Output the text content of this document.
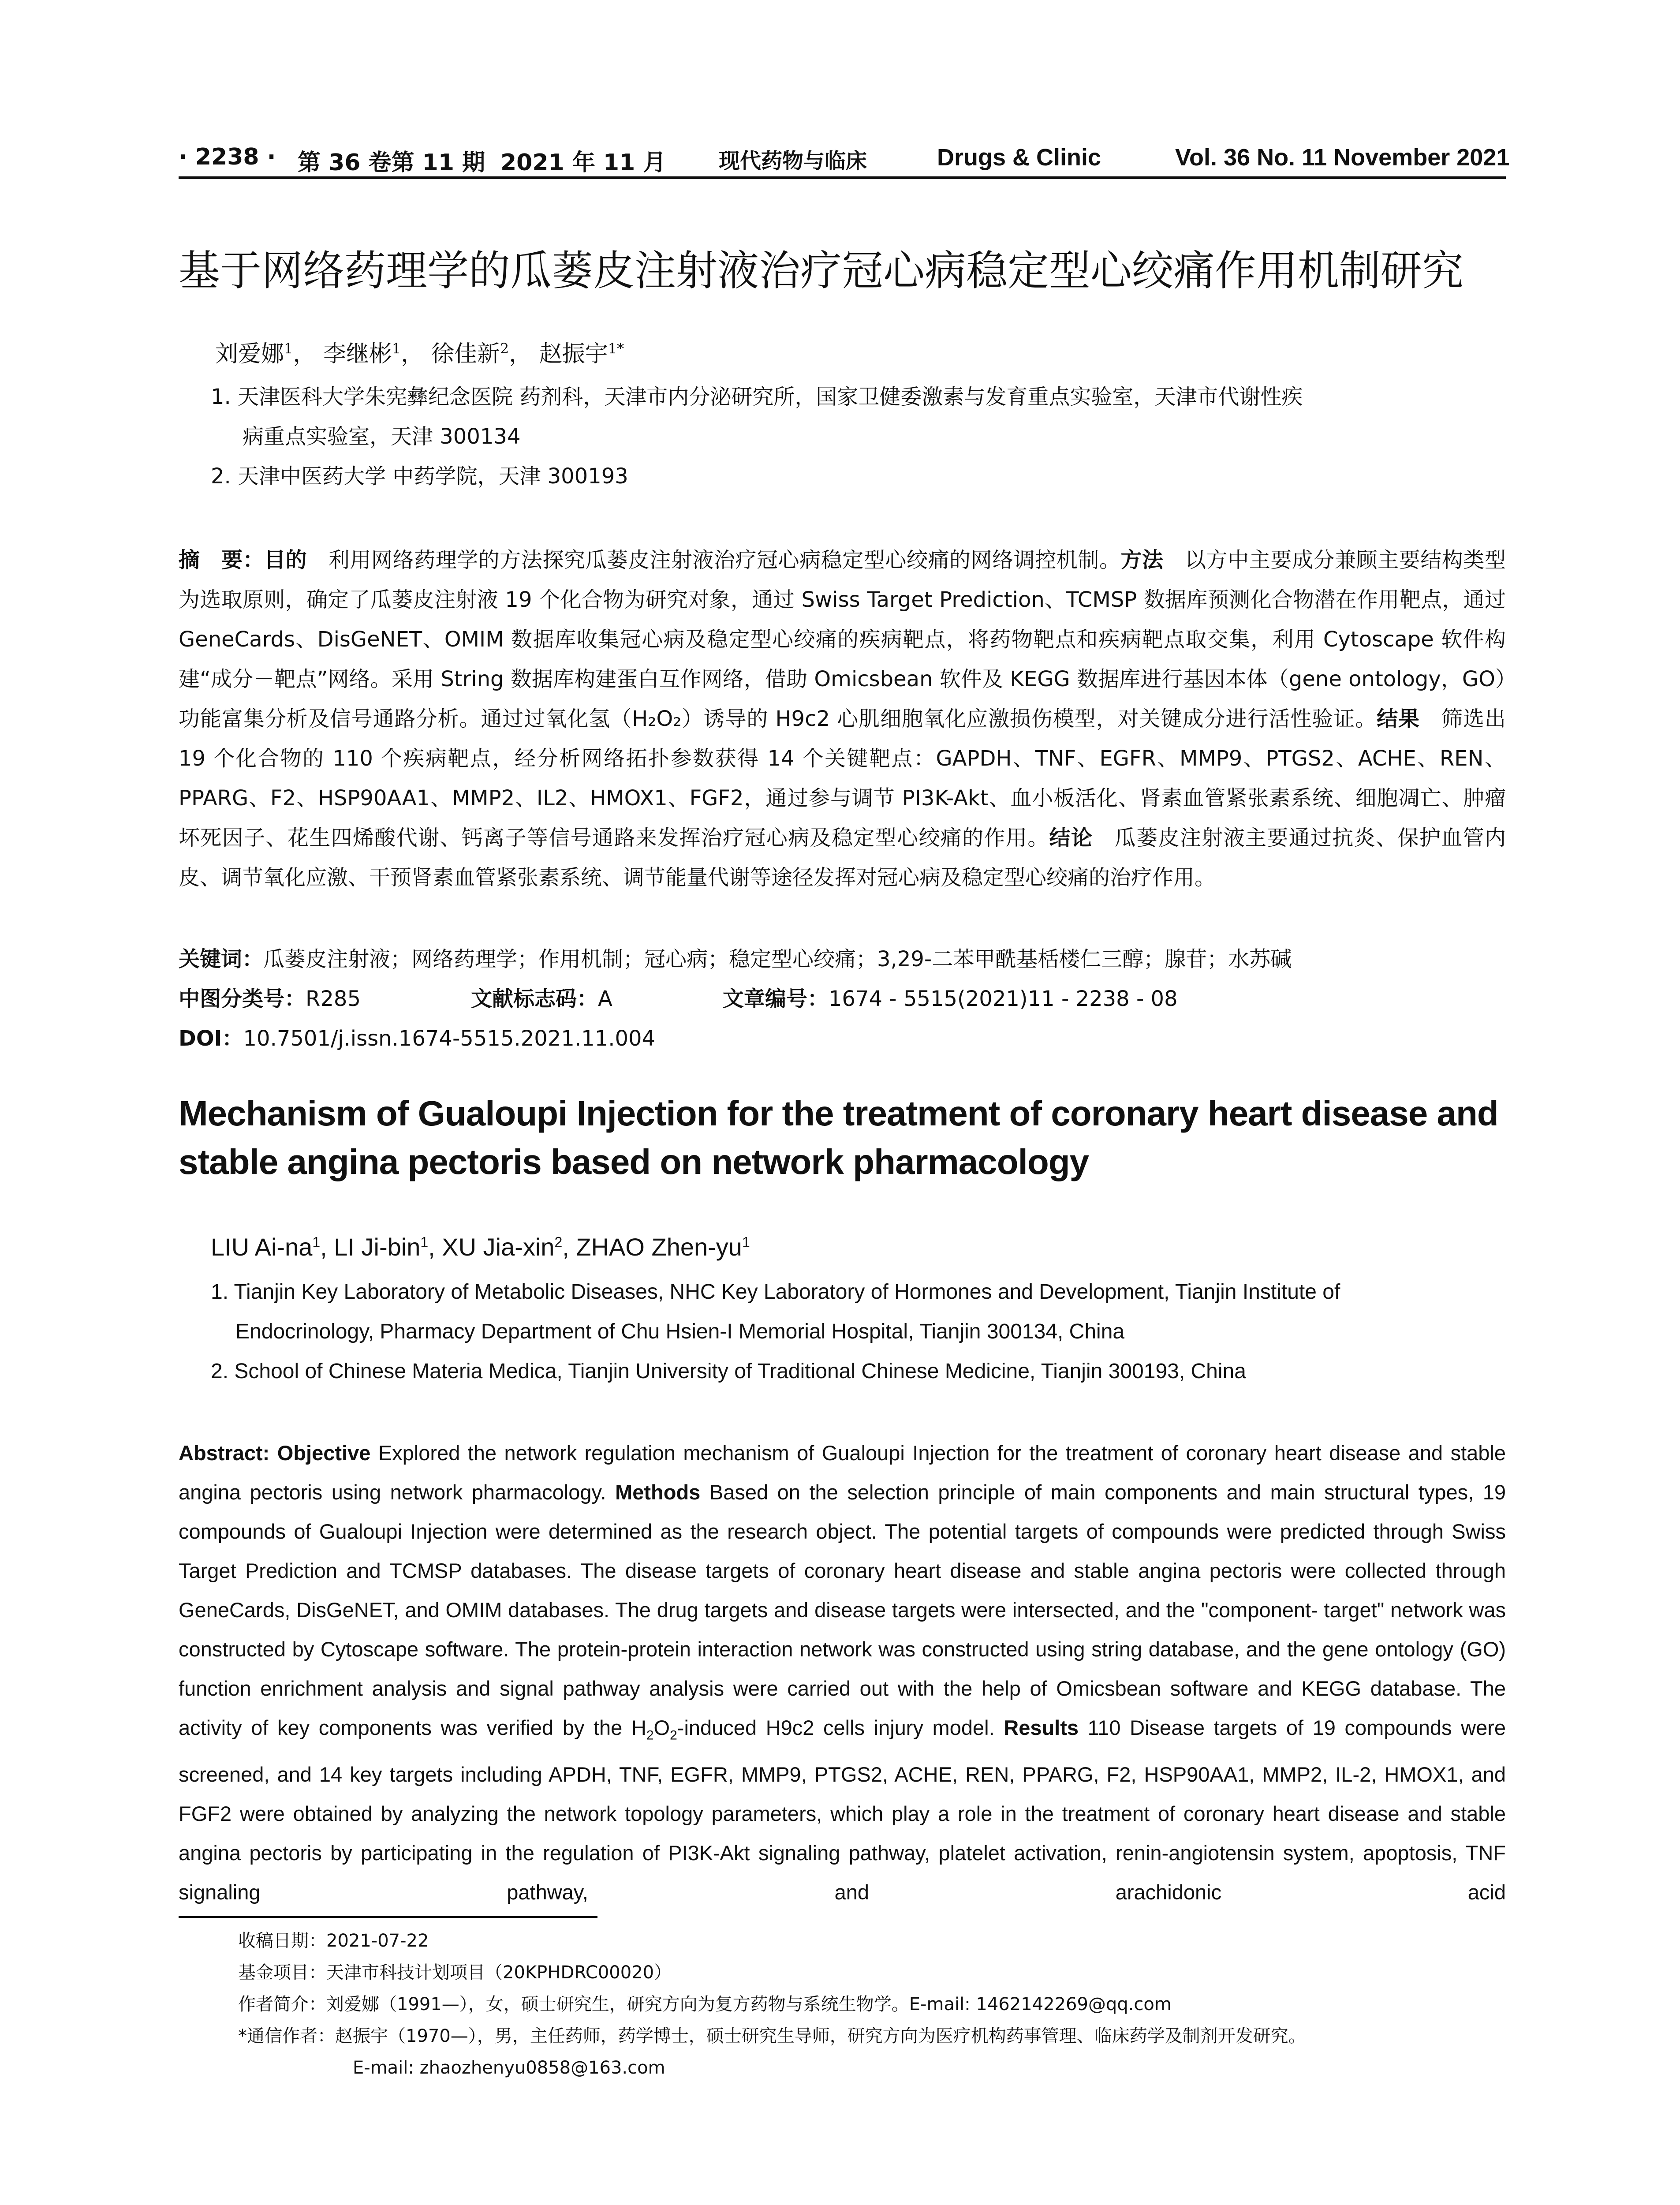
· 2238 · 第 36 卷第 11 期 2021 年 11 月 现代药物与临床	Drugs & Clinic	Vol. 36 No. 11 November 2021
基于网络药理学的瓜蒌皮注射液治疗冠心病稳定型心绞痛作用机制研究
刘爱娜$^1$， 李继彬$^1$， 徐佳新$^2$， 赵振宇$^{1*}$
1. 天津医科大学朱宪彝纪念医院 药剂科，天津市内分泌研究所，国家卫健委激素与发育重点实验室，天津市代谢性疾
病重点实验室，天津 300134
2. 天津中医药大学 中药学院，天津 300193
摘　要：目的　利用网络药理学的方法探究瓜蒌皮注射液治疗冠心病稳定型心绞痛的网络调控机制。方法　以方中主要成分兼顾主要结构类型为选取原则，确定了瓜蒌皮注射液 19 个化合物为研究对象，通过 Swiss Target Prediction、TCMSP 数据库预测化合物潜在作用靶点，通过 GeneCards、DisGeNET、OMIM 数据库收集冠心病及稳定型心绞痛的疾病靶点，将药物靶点和疾病靶点取交集，利用 Cytoscape 软件构建“成分－靶点”网络。采用 String 数据库构建蛋白互作网络，借助 Omicsbean 软件及 KEGG 数据库进行基因本体（gene ontology，GO）功能富集分析及信号通路分析。通过过氧化氢（H₂O₂）诱导的 H9c2 心肌细胞氧化应激损伤模型，对关键成分进行活性验证。结果　筛选出 19 个化合物的 110 个疾病靶点，经分析网络拓扑参数获得 14 个关键靶点：GAPDH、TNF、EGFR、MMP9、PTGS2、ACHE、REN、PPARG、F2、HSP90AA1、MMP2、IL2、HMOX1、FGF2，通过参与调节 PI3K-Akt、血小板活化、肾素血管紧张素系统、细胞凋亡、肿瘤坏死因子、花生四烯酸代谢、钙离子等信号通路来发挥治疗冠心病及稳定型心绞痛的作用。结论　瓜蒌皮注射液主要通过抗炎、保护血管内皮、调节氧化应激、干预肾素血管紧张素系统、调节能量代谢等途径发挥对冠心病及稳定型心绞痛的治疗作用。
关键词：瓜蒌皮注射液；网络药理学；作用机制；冠心病；稳定型心绞痛；3,29-二苯甲酰基栝楼仁三醇；腺苷；水苏碱
中图分类号：R285	文献标志码：A	文章编号：1674 - 5515(2021)11 - 2238 - 08
DOI：10.7501/j.issn.1674-5515.2021.11.004
Mechanism of Gualoupi Injection for the treatment of coronary heart disease and
stable angina pectoris based on network pharmacology
LIU $Ai-na^1$, LI Ji-bin$^1$, XU Jia-xin$^2$, ZHAO Zhen-$yu^1$
1. Tianjin Key Laboratory of Metabolic Diseases, NHC Key Laboratory of Hormones and Development, Tianjin Institute of
Endocrinology, Pharmacy Department of Chu Hsien-I Memorial Hospital, Tianjin 300134, China
2. School of Chinese Materia Medica, Tianjin University of Traditional Chinese Medicine, Tianjin 300193, China
Abstract: Objective Explored the network regulation mechanism of Gualoupi Injection for the treatment of coronary heart disease and stable angina pectoris using network pharmacology. Methods Based on the selection principle of main components and main structural types, 19 compounds of Gualoupi Injection were determined as the research object. The potential targets of compounds were predicted through Swiss Target Prediction and TCMSP databases. The disease targets of coronary heart disease and stable angina pectoris were collected through GeneCards, DisGeNET, and OMIM databases. The drug targets and disease targets were intersected, and the "component- target" network was constructed by Cytoscape software. The protein-protein interaction network was constructed using string database, and the gene ontology (GO) function enrichment analysis and signal pathway analysis were carried out with the help of Omicsbean software and KEGG database. The activity of key components was verified by the $H_2O_2$-induced H9c2 cells injury model. Results 110 Disease targets of 19 compounds were screened, and 14 key targets including APDH, TNF, EGFR, MMP9, PTGS2, ACHE, REN, PPARG, F2, HSP90AA1, MMP2, IL-2, HMOX1, and FGF2 were obtained by analyzing the network topology parameters, which play a role in the treatment of coronary heart disease and stable angina pectoris by participating in the regulation of PI3K-Akt signaling pathway, platelet activation, renin-angiotensin system, apoptosis, TNF signaling pathway, and arachidonic acid
收稿日期：2021-07-22
基金项目：天津市科技计划项目（20KPHDRC00020）
作者简介：刘爱娜（1991—），女，硕士研究生，研究方向为复方药物与系统生物学。E-mail: 1462142269@qq.com
*通信作者：赵振宇（1970—），男，主任药师，药学博士，硕士研究生导师，研究方向为医疗机构药事管理、临床药学及制剂开发研究。
E-mail: zhaozhenyu0858@163.com
